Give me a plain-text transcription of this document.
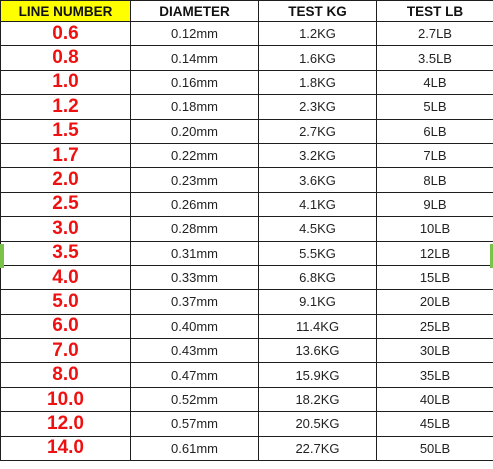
LINE NUMBER	DIAMETER	TEST KG	TEST LB
0.6	0.12mm	1.2KG	2.7LB
0.8	0.14mm	1.6KG	3.5LB
1.0	0.16mm	1.8KG	4LB
1.2	0.18mm	2.3KG	5LB
1.5	0.20mm	2.7KG	6LB
1.7	0.22mm	3.2KG	7LB
2.0	0.23mm	3.6KG	8LB
2.5	0.26mm	4.1KG	9LB
3.0	0.28mm	4.5KG	10LB
3.5	0.31mm	5.5KG	12LB
4.0	0.33mm	6.8KG	15LB
5.0	0.37mm	9.1KG	20LB
6.0	0.40mm	11.4KG	25LB
7.0	0.43mm	13.6KG	30LB
8.0	0.47mm	15.9KG	35LB
10.0	0.52mm	18.2KG	40LB
12.0	0.57mm	20.5KG	45LB
14.0	0.61mm	22.7KG	50LB
